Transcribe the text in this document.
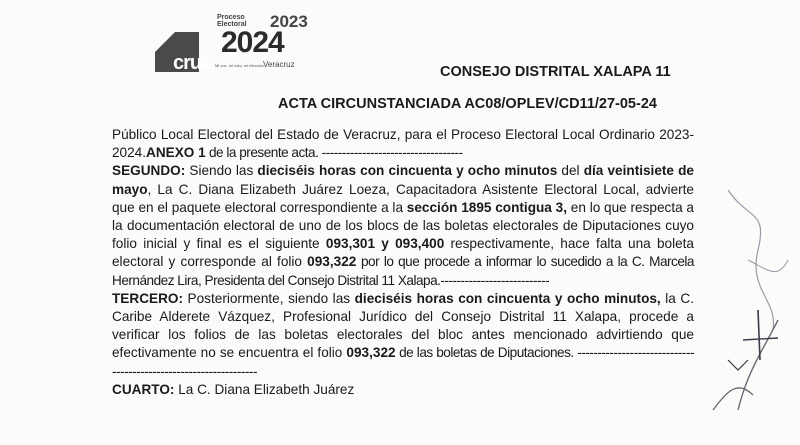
cruz
Proceso Electoral	2023
2024
Mi voz, mi voto, mi elección Veracruz	CONSEJO DISTRITAL XALAPA 11
ACTA CIRCUNSTANCIADA AC08/OPLEV/CD11/27-05-24

Público Local Electoral del Estado de Veracruz, para el Proceso Electoral Local Ordinario 2023-2024.ANEXO 1 de la presente acta. -----------------------------------

SEGUNDO: Siendo las dieciséis horas con cincuenta y ocho minutos del día veintisiete de mayo, La C. Diana Elizabeth Juárez Loeza, Capacitadora Asistente Electoral Local, advierte que en el paquete electoral correspondiente a la sección 1895 contigua 3, en lo que respecta a la documentación electoral de uno de los blocs de las boletas electorales de Diputaciones cuyo folio inicial y final es el siguiente 093,301 y 093,400 respectivamente, hace falta una boleta electoral y corresponde al folio 093,322 por lo que procede a informar lo sucedido a la C. Marcela Hernández Lira, Presidenta del Consejo Distrital 11 Xalapa.---------------------------

TERCERO: Posteriormente, siendo las dieciséis horas con cincuenta y ocho minutos, la C. Caribe Alderete Vázquez, Profesional Jurídico del Consejo Distrital 11 Xalapa, procede a verificar los folios de las boletas electorales del bloc antes mencionado advirtiendo que efectivamente no se encuentra el folio 093,322 de las boletas de Diputaciones. -----------------------------------------------------------------

CUARTO: La C. Diana Elizabeth Juárez
